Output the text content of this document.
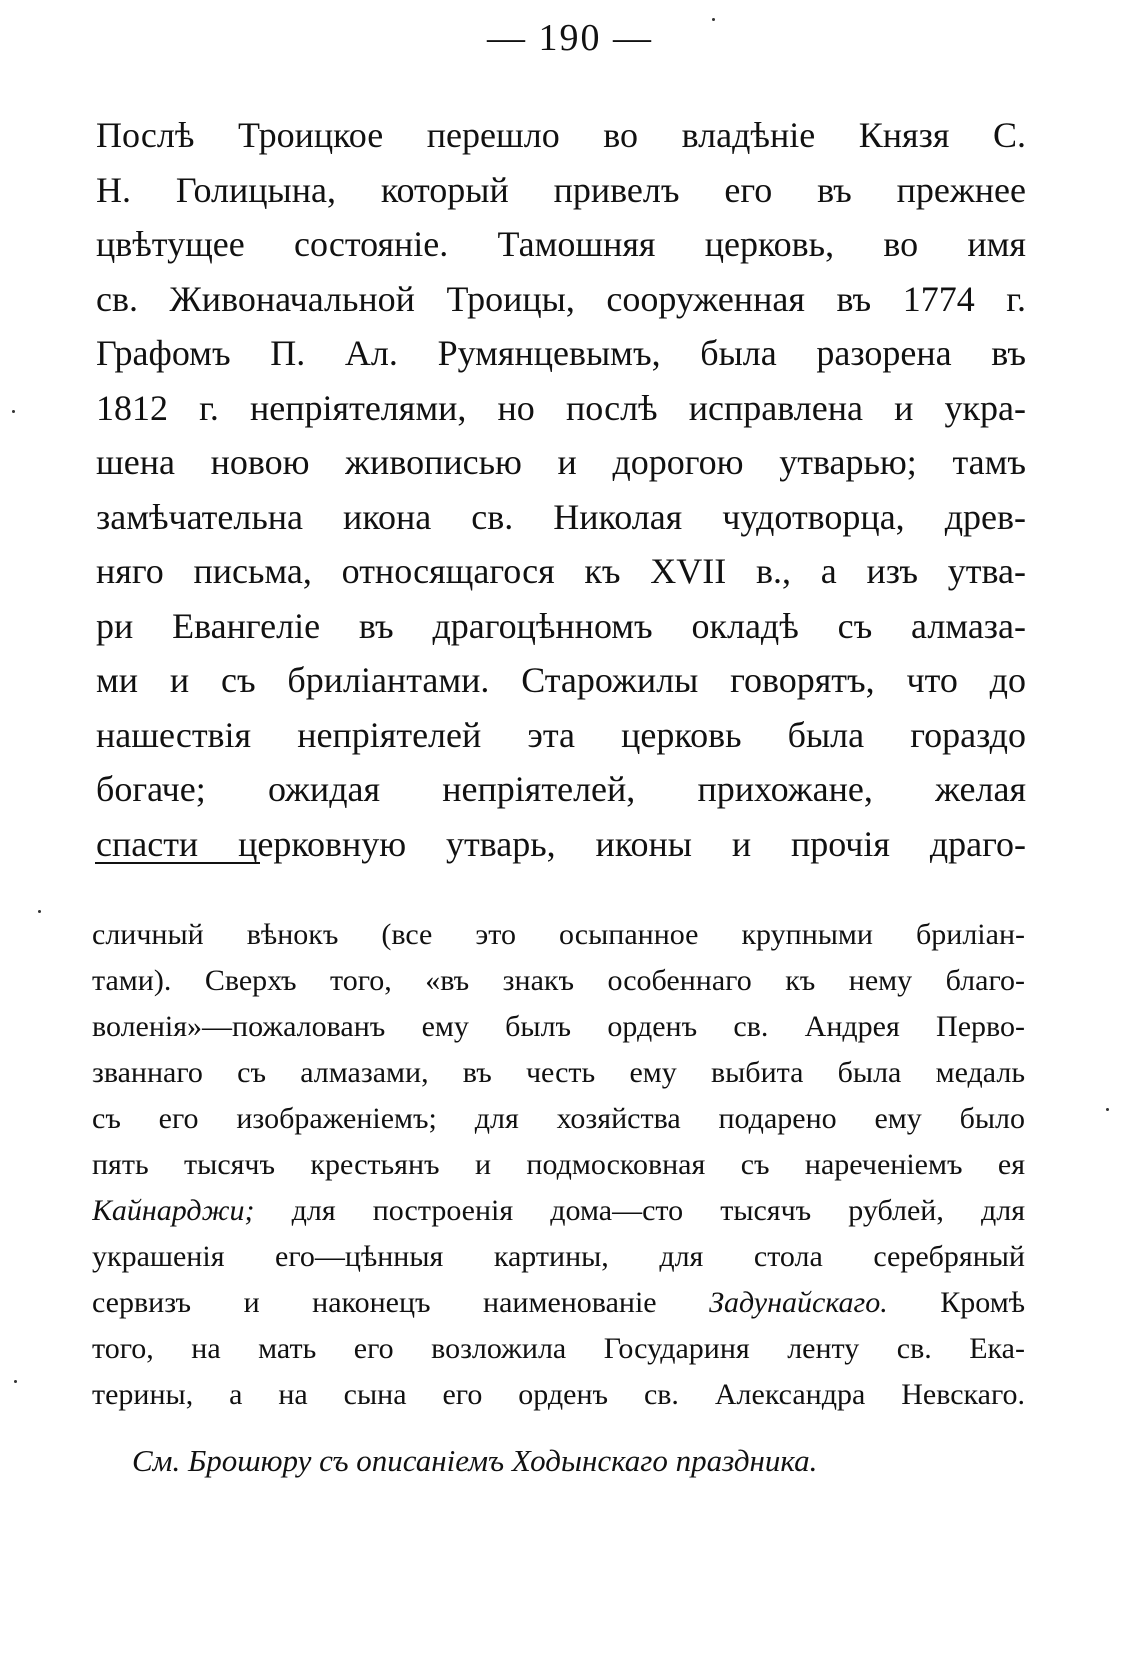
— 190 —
Послѣ Троицкое перешло во владѣніе Князя С.
Н. Голицына, который привелъ его въ прежнее
цвѣтущее состояніе. Тамошняя церковь, во имя
св. Живоначальной Троицы, сооруженная въ 1774 г.
Графомъ П. Ал. Румянцевымъ, была разорена въ
1812 г. непріятелями, но послѣ исправлена и укра-
шена новою живописью и дорогою утварью; тамъ
замѣчательна икона св. Николая чудотворца, древ-
няго письма, относящагося къ XVII в., а изъ утва-
ри Евангеліе въ драгоцѣнномъ окладѣ съ алмаза-
ми и съ бриліантами. Старожилы говорятъ, что до
нашествія непріятелей эта церковь была гораздо
богаче; ожидая непріятелей, прихожане, желая
спасти церковную утварь, иконы и прочія драго-
сличный вѣнокъ (все это осыпанное крупными бриліан-
тами). Сверхъ того, «въ знакъ особеннаго къ нему благо-
воленія»—пожалованъ ему былъ орденъ св. Андрея Перво-
званнаго съ алмазами, въ честь ему выбита была медаль
съ его изображеніемъ; для хозяйства подарено ему было
пять тысячъ крестьянъ и подмосковная съ нареченіемъ ея
Кайнарджи; для построенія дома—сто тысячъ рублей, для
украшенія его—цѣнныя картины, для стола серебряный
сервизъ и наконецъ наименованіе Задунайскаго. Кромѣ
того, на мать его возложила Государиня ленту св. Ека-
терины, а на сына его орденъ св. Александра Невскаго.
См. Брошюру съ описаніемъ Ходынскаго праздника.
